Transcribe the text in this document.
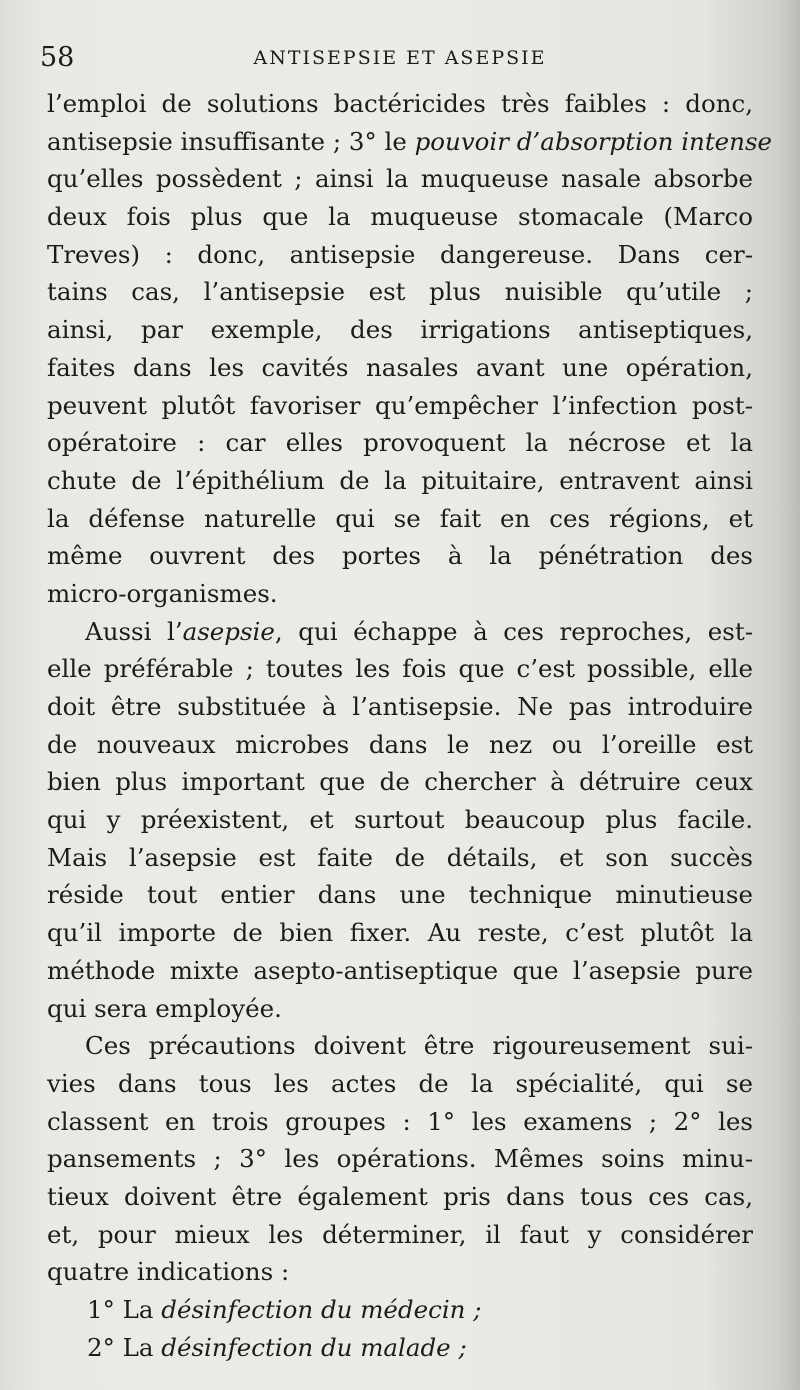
58	ANTISEPSIE ET ASEPSIE
l’emploi de solutions bactéricides très faibles : donc,
antisepsie insuffisante ; 3° le pouvoir d’absorption intense
qu’elles possèdent ; ainsi la muqueuse nasale absorbe
deux fois plus que la muqueuse stomacale (Marco
Treves) : donc, antisepsie dangereuse. Dans cer-
tains cas, l’antisepsie est plus nuisible qu’utile ;
ainsi, par exemple, des irrigations antiseptiques,
faites dans les cavités nasales avant une opération,
peuvent plutôt favoriser qu’empêcher l’infection post-
opératoire : car elles provoquent la nécrose et la
chute de l’épithélium de la pituitaire, entravent ainsi
la défense naturelle qui se fait en ces régions, et
même ouvrent des portes à la pénétration des
micro-organismes.
Aussi l’asepsie, qui échappe à ces reproches, est-
elle préférable ; toutes les fois que c’est possible, elle
doit être substituée à l’antisepsie. Ne pas introduire
de nouveaux microbes dans le nez ou l’oreille est
bien plus important que de chercher à détruire ceux
qui y préexistent, et surtout beaucoup plus facile.
Mais l’asepsie est faite de détails, et son succès
réside tout entier dans une technique minutieuse
qu’il importe de bien fixer. Au reste, c’est plutôt la
méthode mixte asepto-antiseptique que l’asepsie pure
qui sera employée.
Ces précautions doivent être rigoureusement sui-
vies dans tous les actes de la spécialité, qui se
classent en trois groupes : 1° les examens ; 2° les
pansements ; 3° les opérations. Mêmes soins minu-
tieux doivent être également pris dans tous ces cas,
et, pour mieux les déterminer, il faut y considérer
quatre indications :
1° La désinfection du médecin ;
2° La désinfection du malade ;
